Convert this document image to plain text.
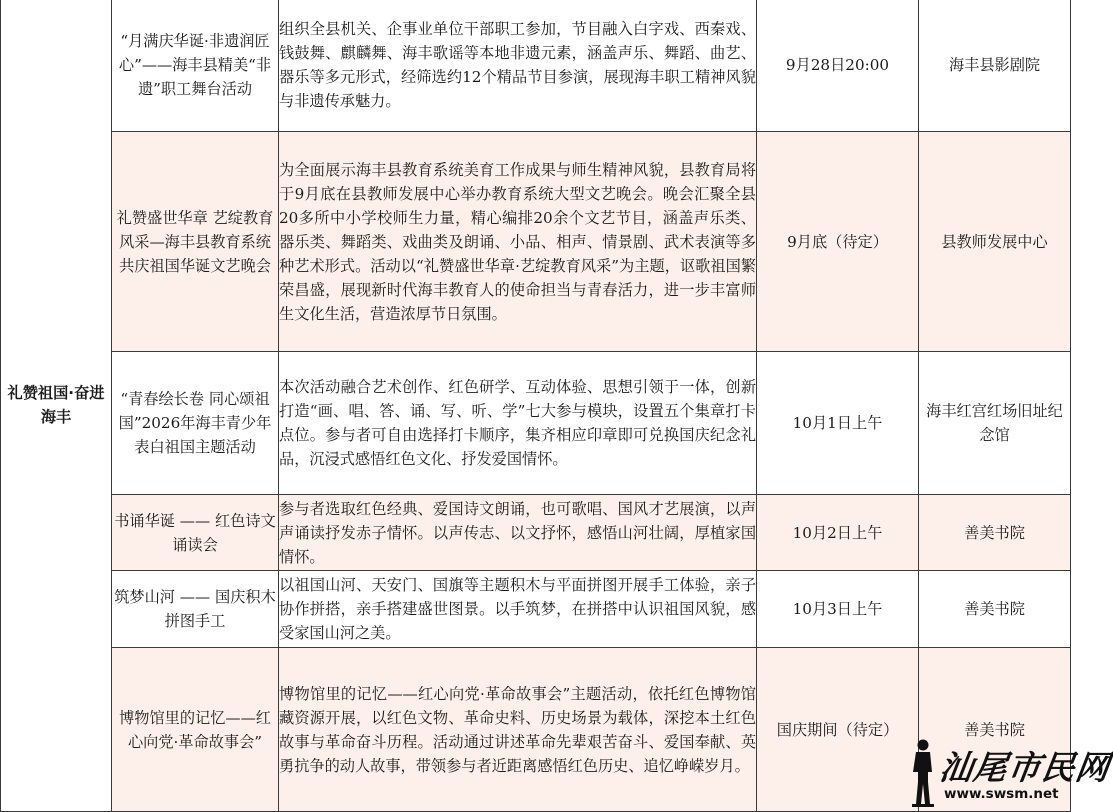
礼赞祖国·奋进海丰	“月满庆华诞·非遗润匠心”——海丰县精美“非遗”职工舞台活动	组织全县机关、企事业单位干部职工参加，节目融入白字戏、西秦戏、钱鼓舞、麒麟舞、海丰歌谣等本地非遗元素，涵盖声乐、舞蹈、曲艺、器乐等多元形式，经筛选约12个精品节目参演，展现海丰职工精神风貌与非遗传承魅力。	9月28日20:00	海丰县影剧院
	礼赞盛世华章 艺绽教育风采—海丰县教育系统共庆祖国华诞文艺晚会	为全面展示海丰县教育系统美育工作成果与师生精神风貌，县教育局将于9月底在县教师发展中心举办教育系统大型文艺晚会。晚会汇聚全县20多所中小学校师生力量，精心编排20余个文艺节目，涵盖声乐类、器乐类、舞蹈类、戏曲类及朗诵、小品、相声、情景剧、武术表演等多种艺术形式。活动以“礼赞盛世华章·艺绽教育风采”为主题，讴歌祖国繁荣昌盛，展现新时代海丰教育人的使命担当与青春活力，进一步丰富师生文化生活，营造浓厚节日氛围。	9月底（待定）	县教师发展中心
	“青春绘长卷 同心颂祖国”2026年海丰青少年表白祖国主题活动	本次活动融合艺术创作、红色研学、互动体验、思想引领于一体，创新打造“画、唱、答、诵、写、听、学”七大参与模块，设置五个集章打卡点位。参与者可自由选择打卡顺序，集齐相应印章即可兑换国庆纪念礼品，沉浸式感悟红色文化、抒发爱国情怀。	10月1日上午	海丰红宫红场旧址纪念馆
	书诵华诞 —— 红色诗文诵读会	参与者选取红色经典、爱国诗文朗诵，也可歌唱、国风才艺展演，以声声诵读抒发赤子情怀。以声传志、以文抒怀，感悟山河壮阔，厚植家国情怀。	10月2日上午	善美书院
	筑梦山河 —— 国庆积木拼图手工	以祖国山河、天安门、国旗等主题积木与平面拼图开展手工体验，亲子协作拼搭，亲手搭建盛世图景。以手筑梦，在拼搭中认识祖国风貌，感受家国山河之美。	10月3日上午	善美书院
	博物馆里的记忆——红心向党·革命故事会”	博物馆里的记忆——红心向党·革命故事会”主题活动，依托红色博物馆藏资源开展，以红色文物、革命史料、历史场景为载体，深挖本土红色故事与革命奋斗历程。活动通过讲述革命先辈艰苦奋斗、爱国奉献、英勇抗争的动人故事，带领参与者近距离感悟红色历史、追忆峥嵘岁月。	国庆期间（待定）	善美书院
汕尾市民网
www.swsm.net
